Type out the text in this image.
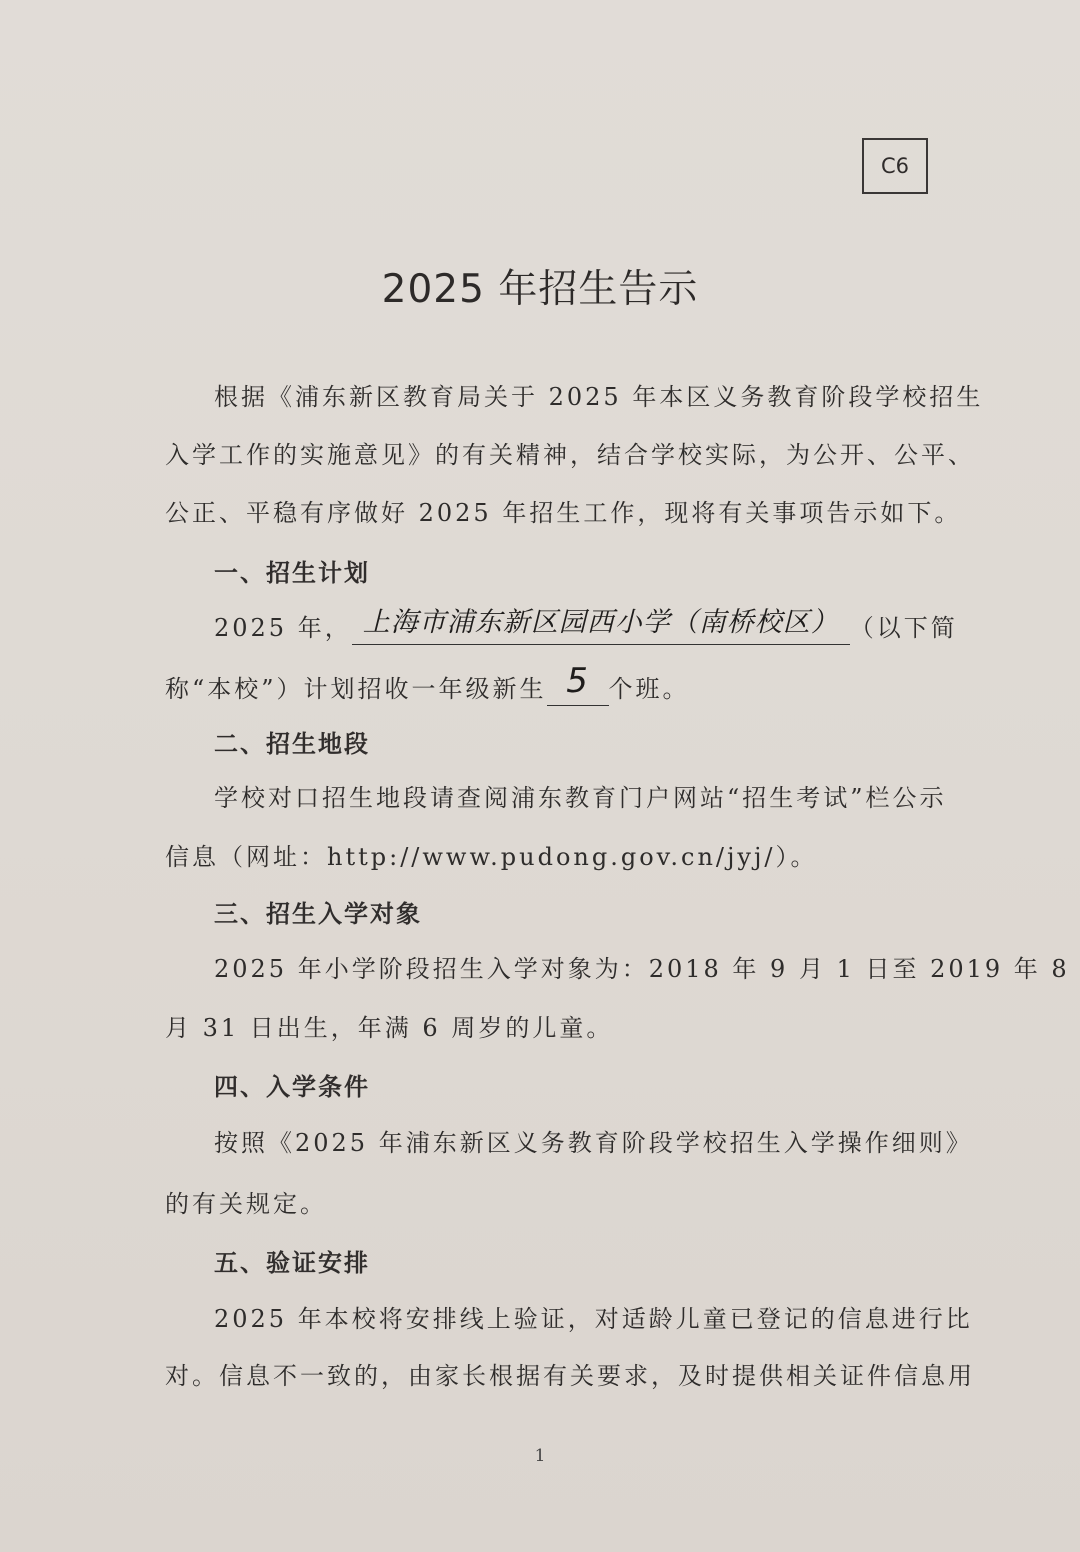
C6
2025 年招生告示
根据《浦东新区教育局关于 2025 年本区义务教育阶段学校招生
入学工作的实施意见》的有关精神，结合学校实际，为公开、公平、
公正、平稳有序做好 2025 年招生工作，现将有关事项告示如下。
一、招生计划
2025 年， 上海市浦东新区园西小学（南桥校区） （以下简
称“本校”）计划招收一年级新生 5 个班。
二、招生地段
学校对口招生地段请查阅浦东教育门户网站“招生考试”栏公示
信息（网址：http://www.pudong.gov.cn/jyj/）。
三、招生入学对象
2025 年小学阶段招生入学对象为：2018 年 9 月 1 日至 2019 年 8
月 31 日出生，年满 6 周岁的儿童。
四、入学条件
按照《2025 年浦东新区义务教育阶段学校招生入学操作细则》
的有关规定。
五、验证安排
2025 年本校将安排线上验证，对适龄儿童已登记的信息进行比
对。信息不一致的，由家长根据有关要求，及时提供相关证件信息用
1
